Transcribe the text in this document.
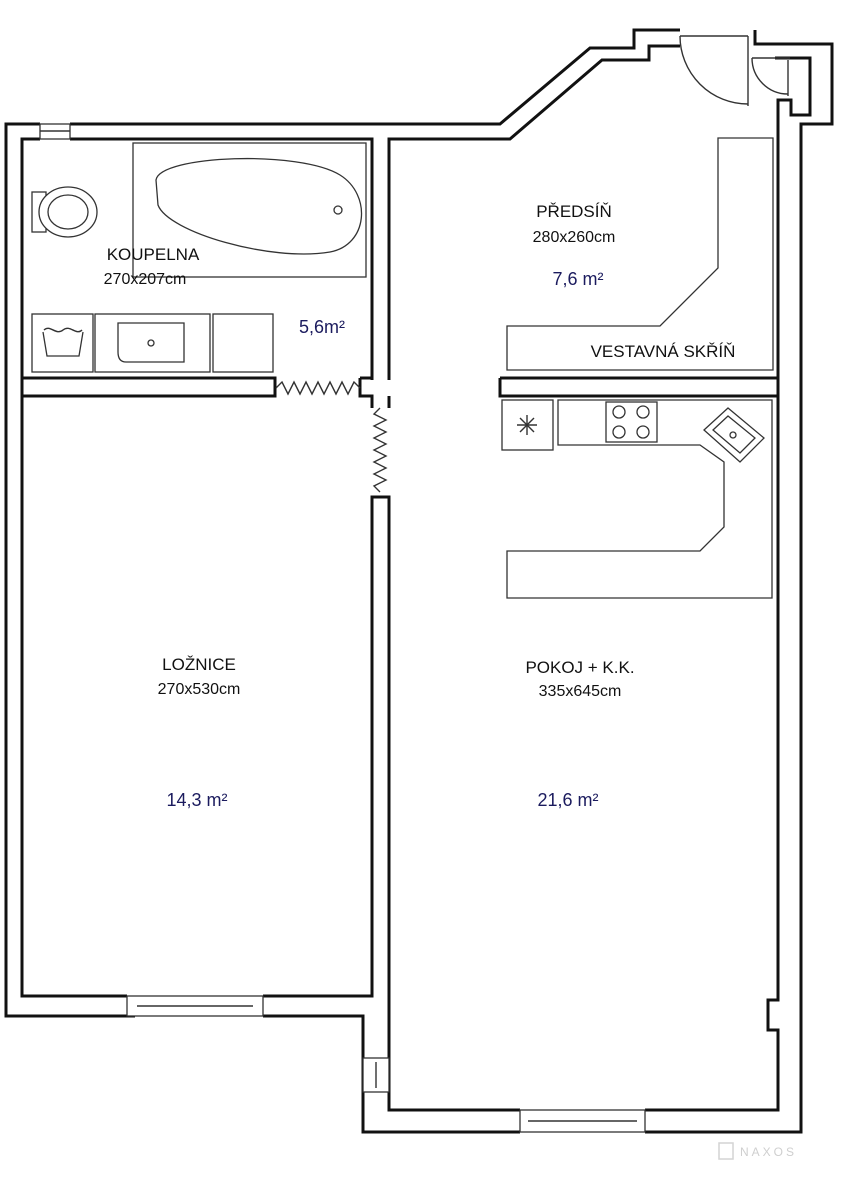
KOUPELNA
270x207cm
5,6m²
PŘEDSÍŇ
280x260cm
7,6 m²
VESTAVNÁ SKŘÍŇ
LOŽNICE
270x530cm
14,3 m²
POKOJ + K.K.
335x645cm
21,6 m²
NAXOS
